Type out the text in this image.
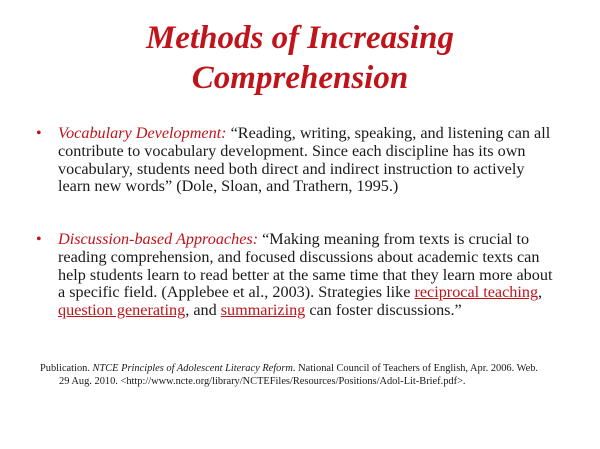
Methods of Increasing
Comprehension
• Vocabulary Development: “Reading, writing, speaking, and listening can all contribute to vocabulary development. Since each discipline has its own vocabulary, students need both direct and indirect instruction to actively learn new words” (Dole, Sloan, and Trathern, 1995.)

• Discussion-based Approaches: “Making meaning from texts is crucial to reading comprehension, and focused discussions about academic texts can help students learn to read better at the same time that they learn more about a specific field. (Applebee et al., 2003). Strategies like reciprocal teaching, question generating, and summarizing can foster discussions.”

Publication. NTCE Principles of Adolescent Literacy Reform. National Council of Teachers of English, Apr. 2006. Web.
29 Aug. 2010. <http://www.ncte.org/library/NCTEFiles/Resources/Positions/Adol-Lit-Brief.pdf>.
